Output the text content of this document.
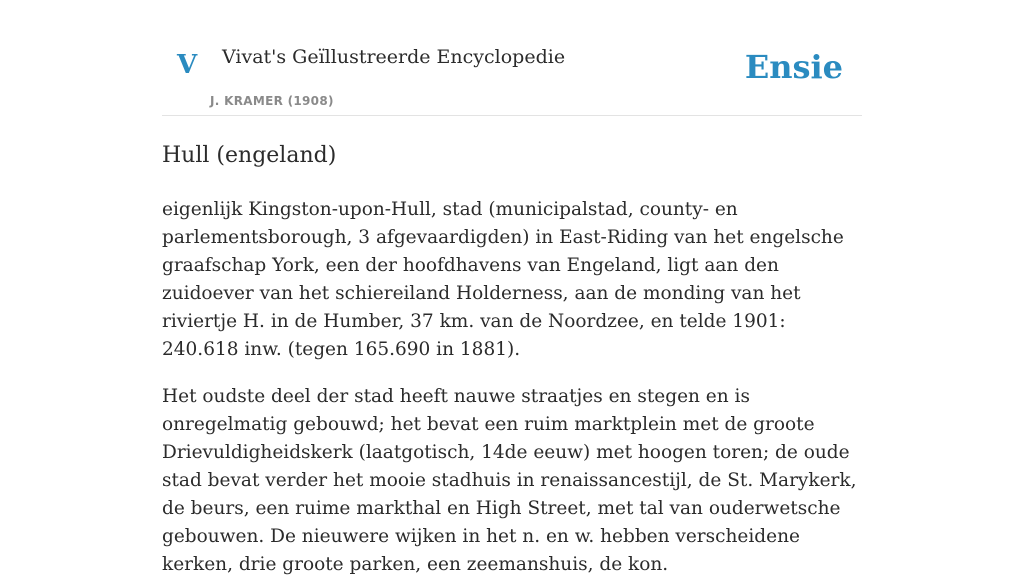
V Vivat's Geïllustreerde Encyclopedie
J. KRAMER (1908)
Ensie
Hull (engeland)

eigenlijk Kingston-upon-Hull, stad (municipalstad, county- en parlementsborough, 3 afgevaardigden) in East-Riding van het engelsche graafschap York, een der hoofdhavens van Engeland, ligt aan den zuidoever van het schiereiland Holderness, aan de monding van het riviertje H. in de Humber, 37 km. van de Noordzee, en telde 1901: 240.618 inw. (tegen 165.690 in 1881).

Het oudste deel der stad heeft nauwe straatjes en stegen en is onregelmatig gebouwd; het bevat een ruim marktplein met de groote Drievuldigheidskerk (laatgotisch, 14de eeuw) met hoogen toren; de oude stad bevat verder het mooie stadhuis in renaissancestijl, de St. Marykerk, de beurs, een ruime markthal en High Street, met tal van ouderwetsche gebouwen. De nieuwere wijken in het n. en w. hebben verscheidene kerken, drie groote parken, een zeemanshuis, de kon.
